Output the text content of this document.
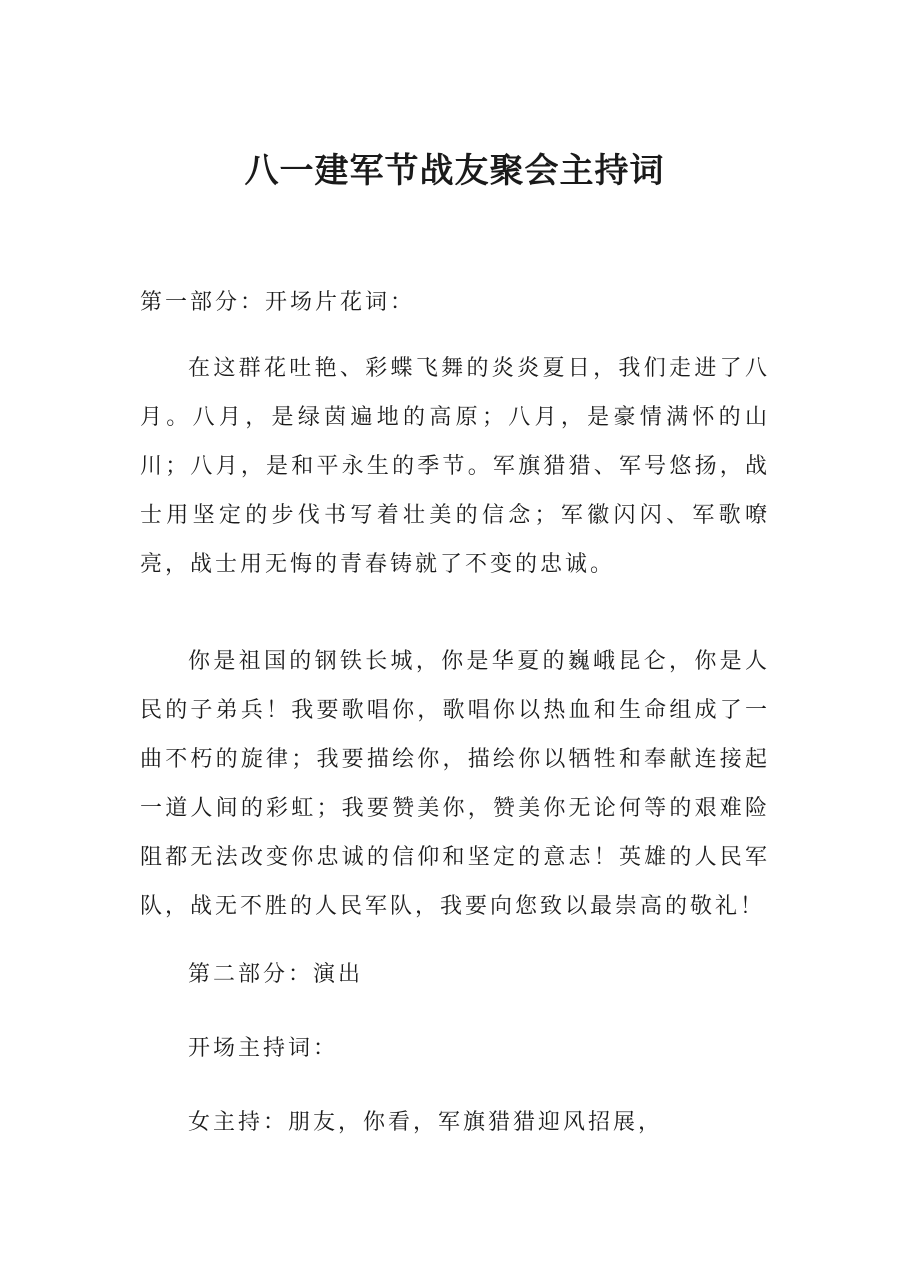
八一建军节战友聚会主持词

第一部分：开场片花词：

在这群花吐艳、彩蝶飞舞的炎炎夏日，我们走进了八月。八月，是绿茵遍地的高原；八月，是豪情满怀的山川；八月，是和平永生的季节。军旗猎猎、军号悠扬，战士用坚定的步伐书写着壮美的信念；军徽闪闪、军歌嘹亮，战士用无悔的青春铸就了不变的忠诚。

你是祖国的钢铁长城，你是华夏的巍峨昆仑，你是人民的子弟兵！我要歌唱你，歌唱你以热血和生命组成了一曲不朽的旋律；我要描绘你，描绘你以牺牲和奉献连接起一道人间的彩虹；我要赞美你，赞美你无论何等的艰难险阻都无法改变你忠诚的信仰和坚定的意志！英雄的人民军队，战无不胜的人民军队，我要向您致以最崇高的敬礼！

第二部分：演出

开场主持词：

女主持：朋友，你看，军旗猎猎迎风招展，
